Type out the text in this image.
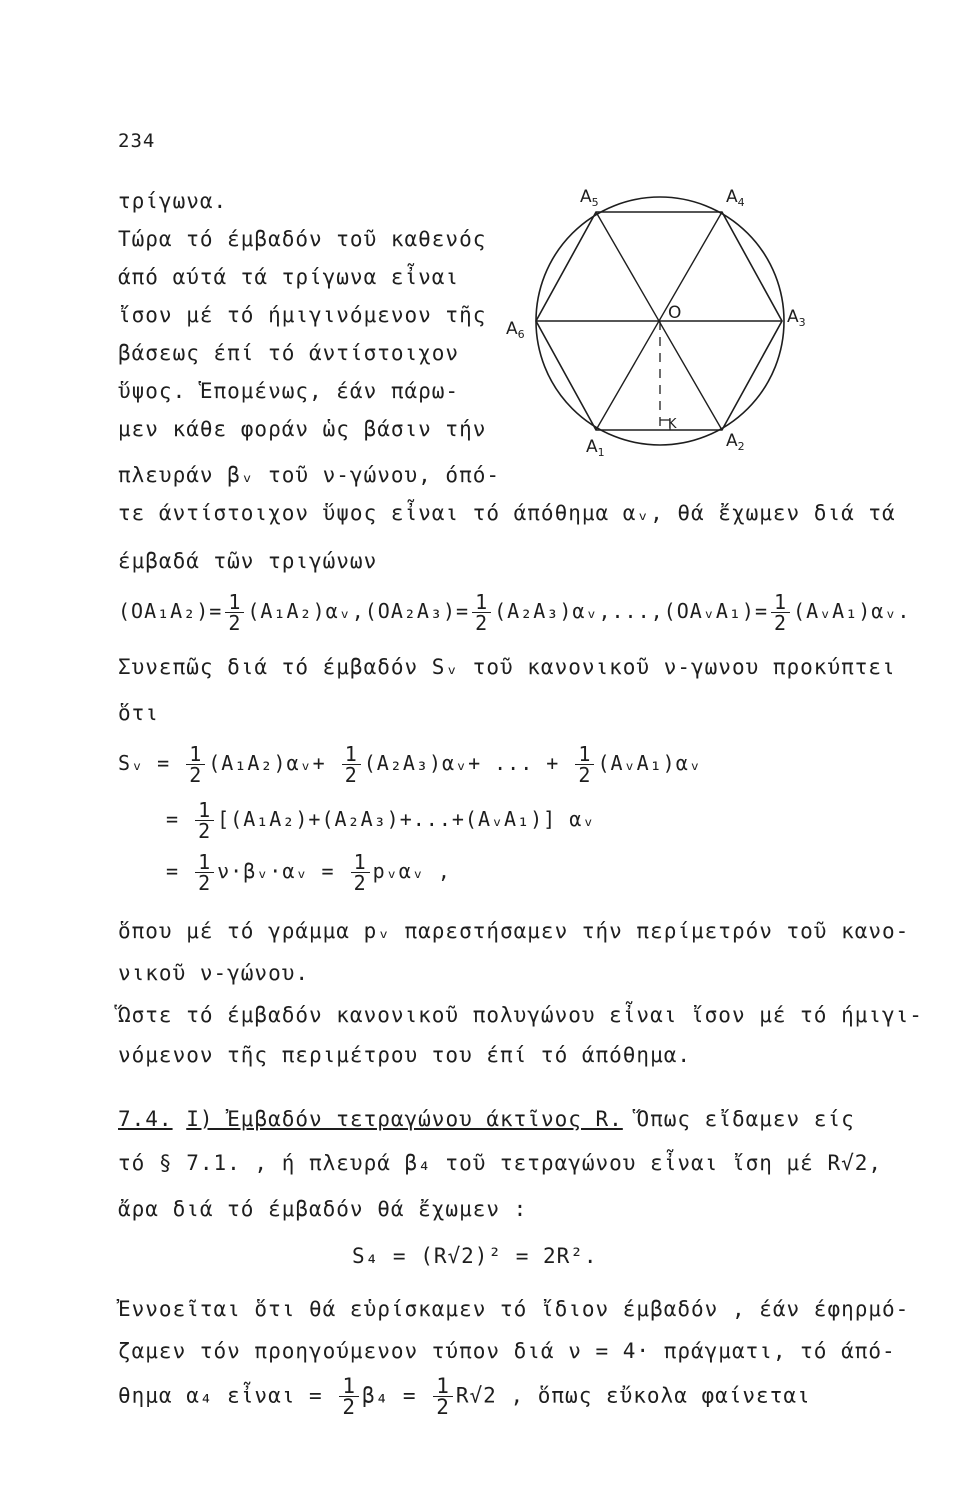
234
$A_5$	$A_4$
$A_3$
$A_6$
$A_1$
$A_2$
O
K

τρίγωνα.

Τώρα τό έμβαδόν τοῦ καθενός

άπό αύτά τά τρίγωνα εἶναι

ἴσον μέ τό ήμιγινόμενον τῆς

βάσεως έπί τό άντίστοιχον

ὕψος. Ἑπομένως, έάν πάρω-

μεν κάθε φοράν ὡς βάσιν τήν

πλευράν βᵥ τοῦ ν-γώνου, όπό-

τε άντίστοιχον ὕψος εἶναι τό άπόθημα αᵥ, θά ἔχωμεν διά τά

έμβαδά τῶν τριγώνων

$(OA_1A_2)= \frac{1}{2}$ (A₁A₂)αᵥ,(OA₂A₃)= $\frac{1}{2}$ (A₂A₃)αᵥ,...,(OAᵥA₁)= $\frac{1}{2}$ (AᵥA₁)αᵥ.

Συνεπῶς διά τό έμβαδόν Sᵥ τοῦ κανονικοῦ ν-γωνου προκύπτει

ὅτι

Sᵥ = $\frac{1}{2}$ (A₁A₂)αᵥ+ $\frac{1}{2}$ (A₂A₃)αᵥ+ ... + $\frac{1}{2}$ (AᵥA₁)αᵥ
= $\frac{1}{2}$ [(A₁A₂)+(A₂A₃)+...+(AᵥA₁)] αᵥ
= $\frac{1}{2}$ ν·βᵥ·αᵥ = $\frac{1}{2}$ pᵥαᵥ ,

ὅπου μέ τό γράμμα pᵥ παρεστήσαμεν τήν περίμετρόν τοῦ κανο-

νικοῦ ν-γώνου.

Ὥστε τό έμβαδόν κανονικοῦ πολυγώνου εἶναι ἴσον μέ τό ήμιγι-

νόμενον τῆς περιμέτρου του έπί τό άπόθημα.

7.4. I) Ἐμβαδόν τετραγώνου άκτῖνος R. Ὅπως εἴδαμεν είς

τό § 7.1. , ή πλευρά β₄ τοῦ τετραγώνου εἶναι ἴση μέ R√2,

ἄρα διά τό έμβαδόν θά ἔχωμεν :

S₄ = (R√2)² = 2R².

Ἐννοεῖται ὅτι θά εὑρίσκαμεν τό ἴδιον έμβαδόν , έάν έφηρμό-

ζαμεν τόν προηγούμενον τύπον διά ν = 4· πράγματι, τό άπό-

θημα α₄ εἶναι = $\frac{1}{2} \beta_4 = \frac{1}{2} R√2$ , ὅπως εὔκολα φαίνεται
